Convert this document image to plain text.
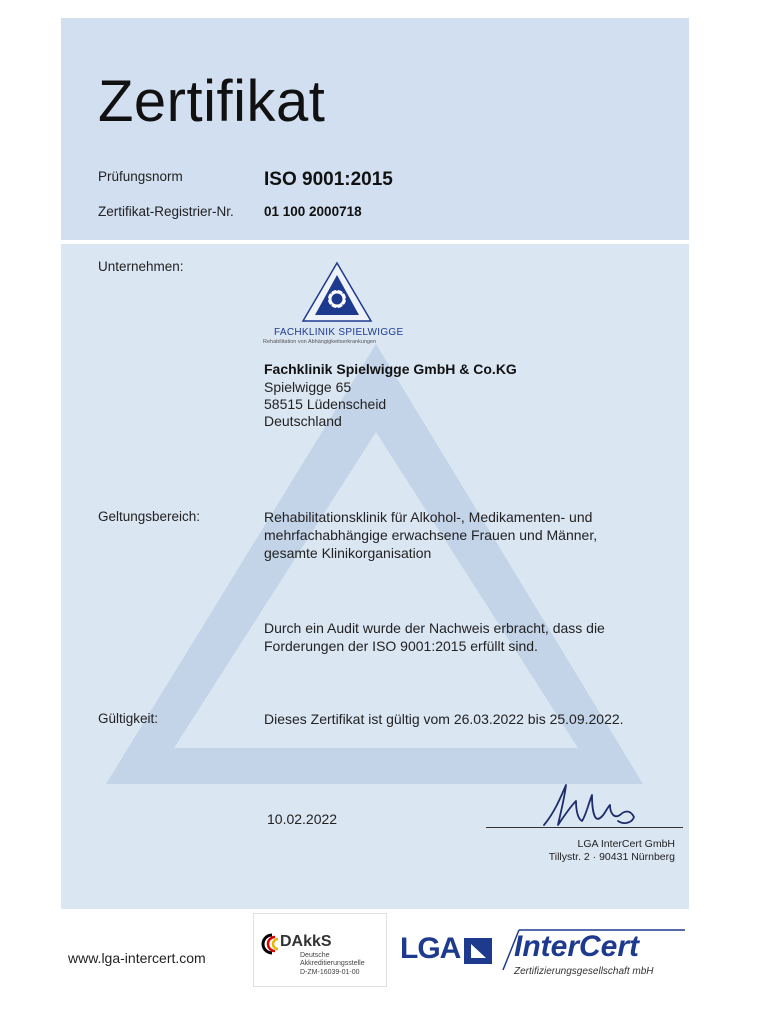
Zertifikat
Prüfungsnorm	ISO 9001:2015
Zertifikat-Registrier-Nr. 01 100 2000718
Unternehmen:
FACHKLINIK SPIELWIGGE
Rehabilitation von Abhängigkeitserkrankungen
Fachklinik Spielwigge GmbH & Co.KG
Spielwigge 65
58515 Lüdenscheid
Deutschland
Geltungsbereich:	Rehabilitationsklinik für Alkohol-, Medikamenten- und
mehrfachabhängige erwachsene Frauen und Männer,
gesamte Klinikorganisation
Durch ein Audit wurde der Nachweis erbracht, dass die
Forderungen der ISO 9001:2015 erfüllt sind.
Gültigkeit:	Dieses Zertifikat ist gültig vom 26.03.2022 bis 25.09.2022.
10.02.2022
LGA InterCert GmbH
Tillystr. 2 · 90431 Nürnberg
www.lga-intercert.com
DAkkS
Deutsche
Akkreditierungsstelle
D-ZM-16039-01-00
LGA InterCert
Zertifizierungsgesellschaft mbH
